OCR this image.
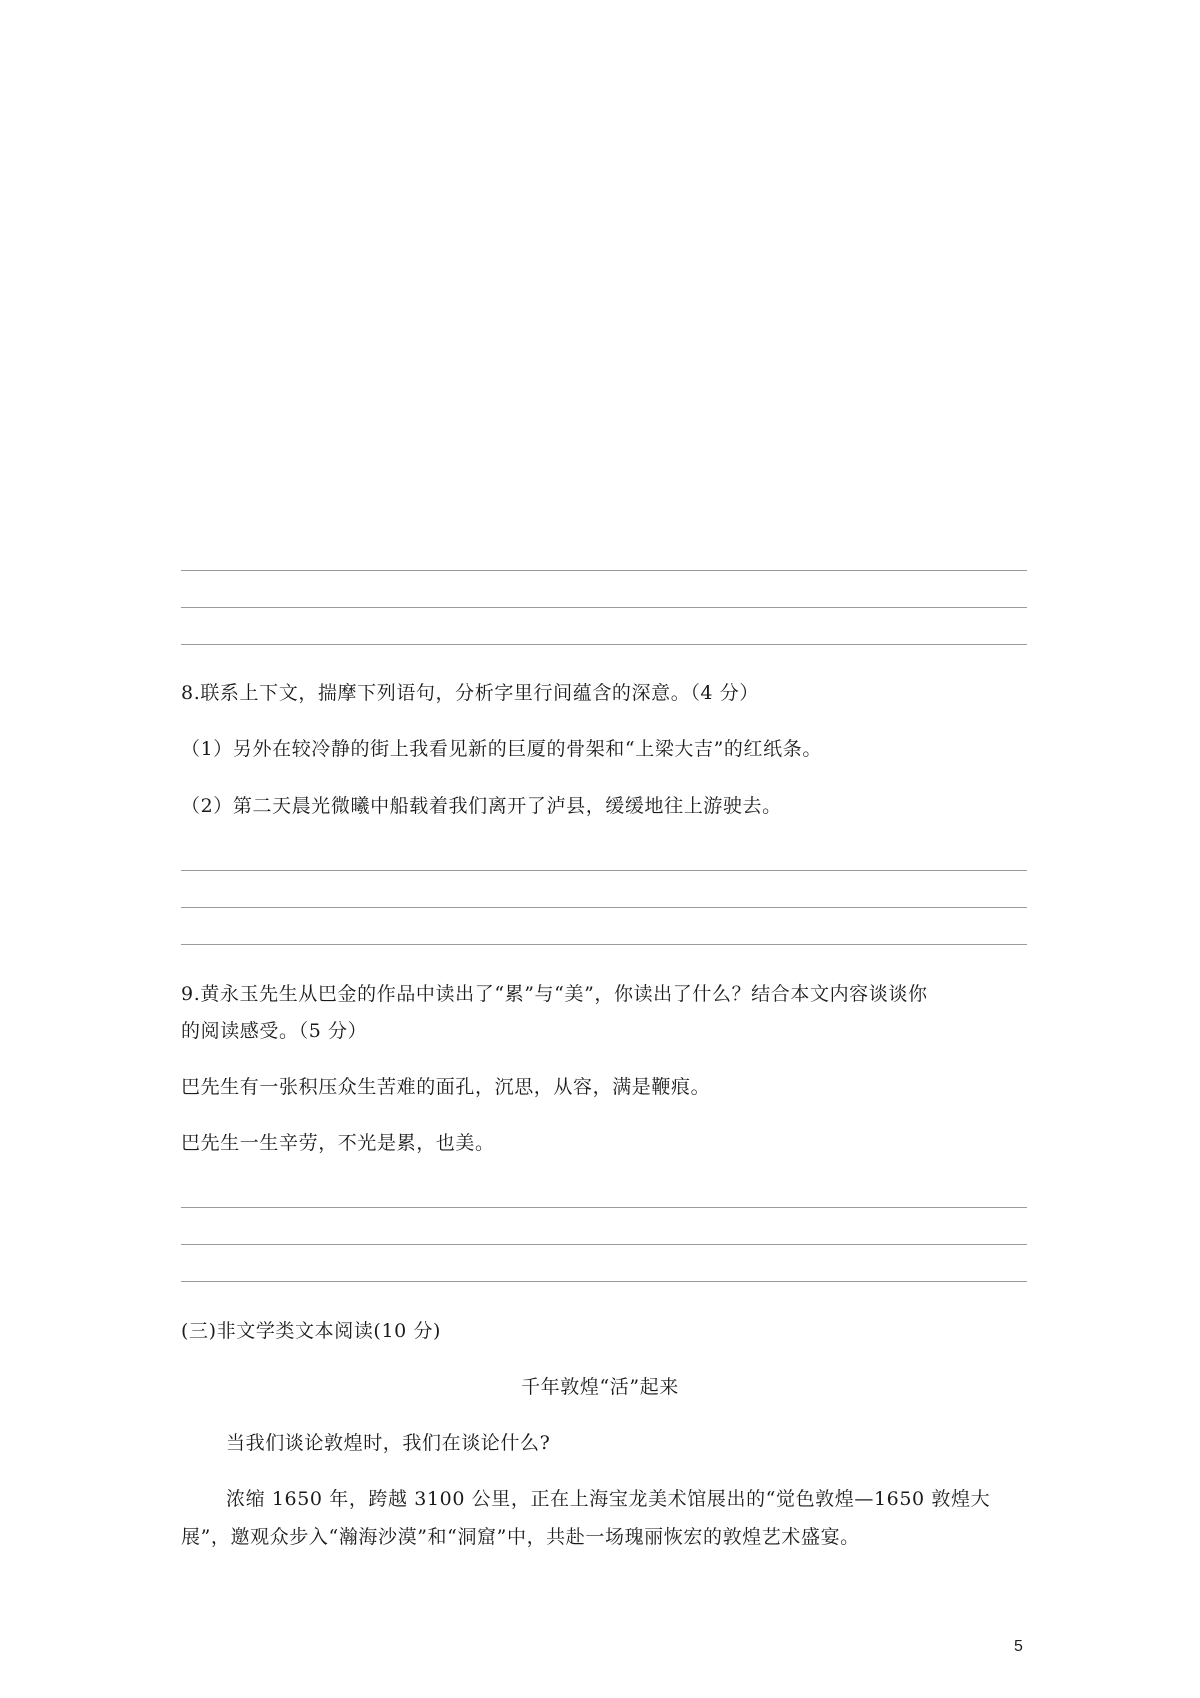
8.联系上下文，揣摩下列语句，分析字里行间蕴含的深意。（4 分）
（1）另外在较冷静的街上我看见新的巨厦的骨架和“上梁大吉”的红纸条。
（2）第二天晨光微曦中船载着我们离开了泸县，缓缓地往上游驶去。
9.黄永玉先生从巴金的作品中读出了“累”与“美”，你读出了什么？结合本文内容谈谈你
的阅读感受。（5 分）
巴先生有一张积压众生苦难的面孔，沉思，从容，满是鞭痕。
巴先生一生辛劳，不光是累，也美。
(三)非文学类文本阅读(10 分)
千年敦煌“活”起来
当我们谈论敦煌时，我们在谈论什么?
浓缩 1650 年，跨越 3100 公里，正在上海宝龙美术馆展出的“觉色敦煌—1650 敦煌大
展”，邀观众步入“瀚海沙漠”和“洞窟”中，共赴一场瑰丽恢宏的敦煌艺术盛宴。
5
